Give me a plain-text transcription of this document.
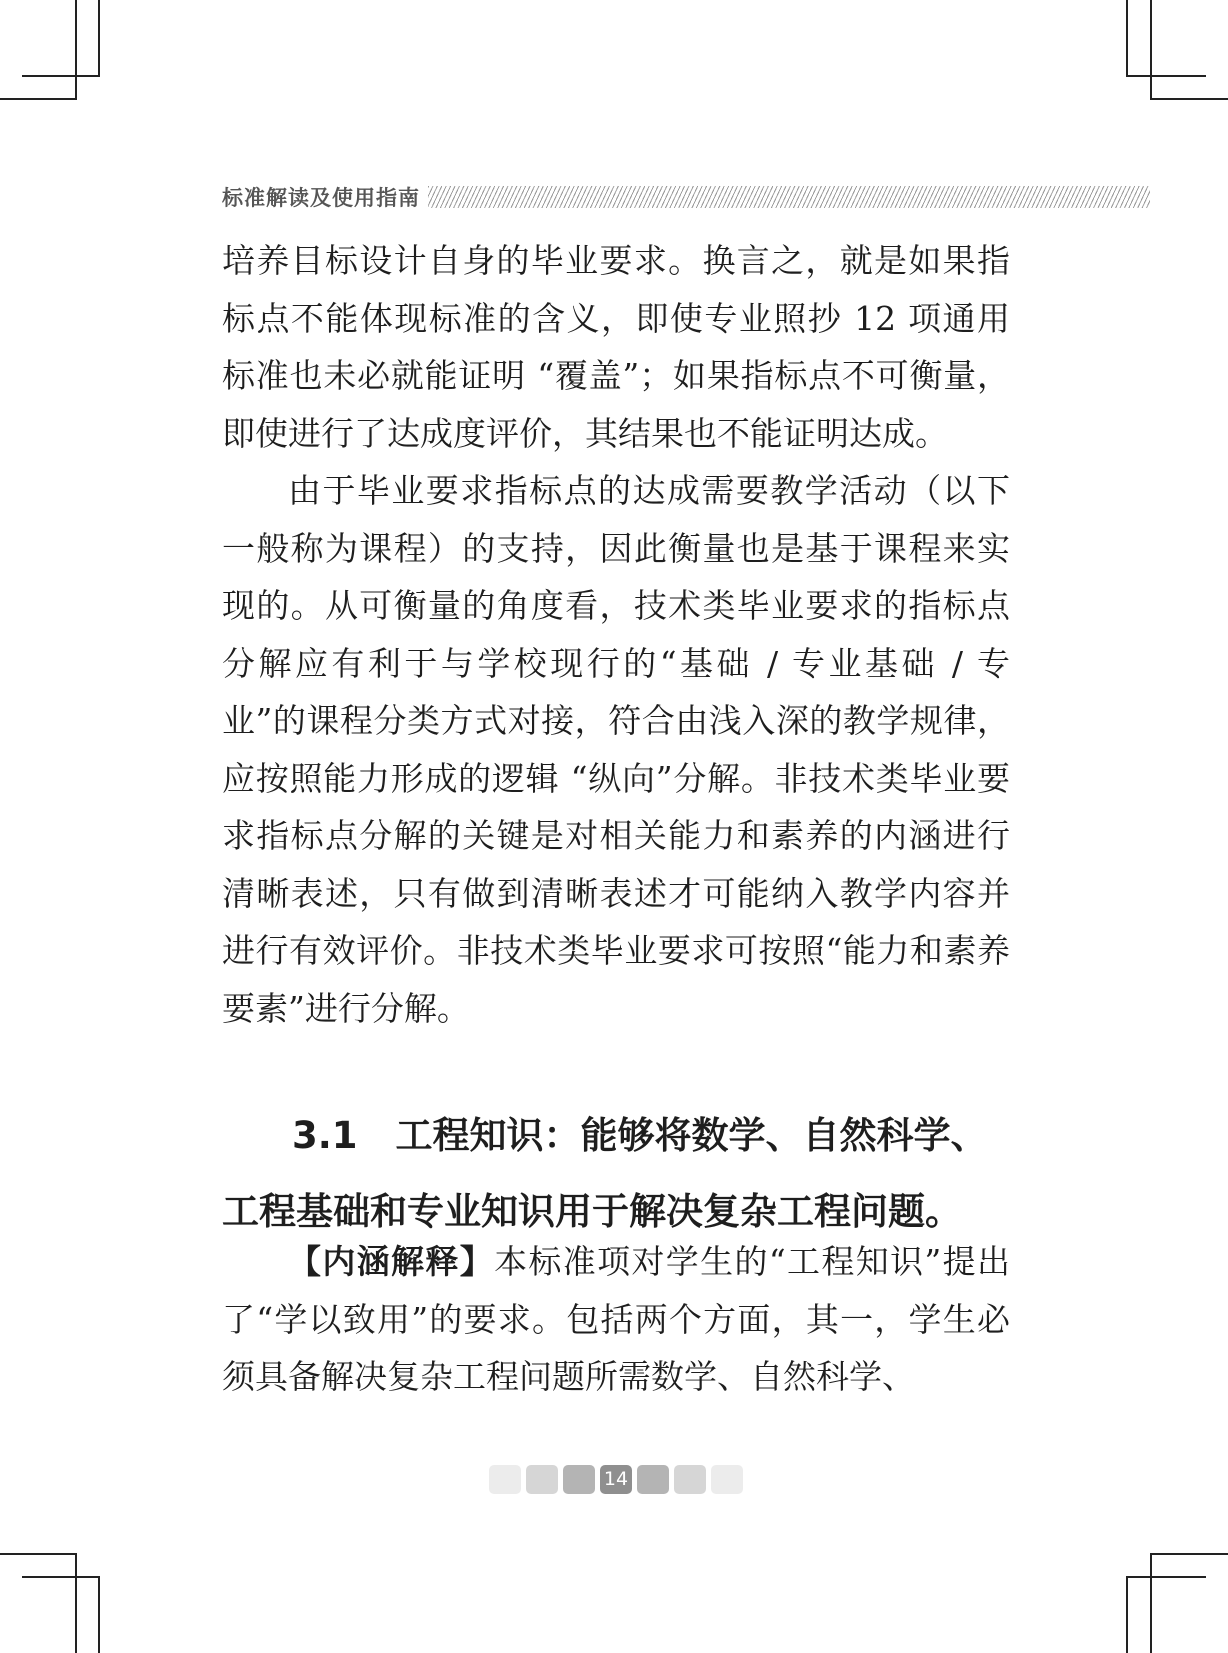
标准解读及使用指南

培养目标设计自身的毕业要求。换言之，就是如果指标点不能体现标准的含义，即使专业照抄 12 项通用标准也未必就能证明 “覆盖”；如果指标点不可衡量，即使进行了达成度评价，其结果也不能证明达成。

由于毕业要求指标点的达成需要教学活动（以下一般称为课程）的支持，因此衡量也是基于课程来实现的。从可衡量的角度看，技术类毕业要求的指标点分解应有利于与学校现行的“基础 / 专业基础 / 专业”的课程分类方式对接，符合由浅入深的教学规律，应按照能力形成的逻辑 “纵向”分解。非技术类毕业要求指标点分解的关键是对相关能力和素养的内涵进行清晰表述，只有做到清晰表述才可能纳入教学内容并进行有效评价。非技术类毕业要求可按照“能力和素养要素”进行分解。

3.1 工程知识：能够将数学、自然科学、
工程基础和专业知识用于解决复杂工程问题。

【内涵解释】本标准项对学生的“工程知识”提出了“学以致用”的要求。包括两个方面，其一，学生必须具备解决复杂工程问题所需数学、自然科学、

14
